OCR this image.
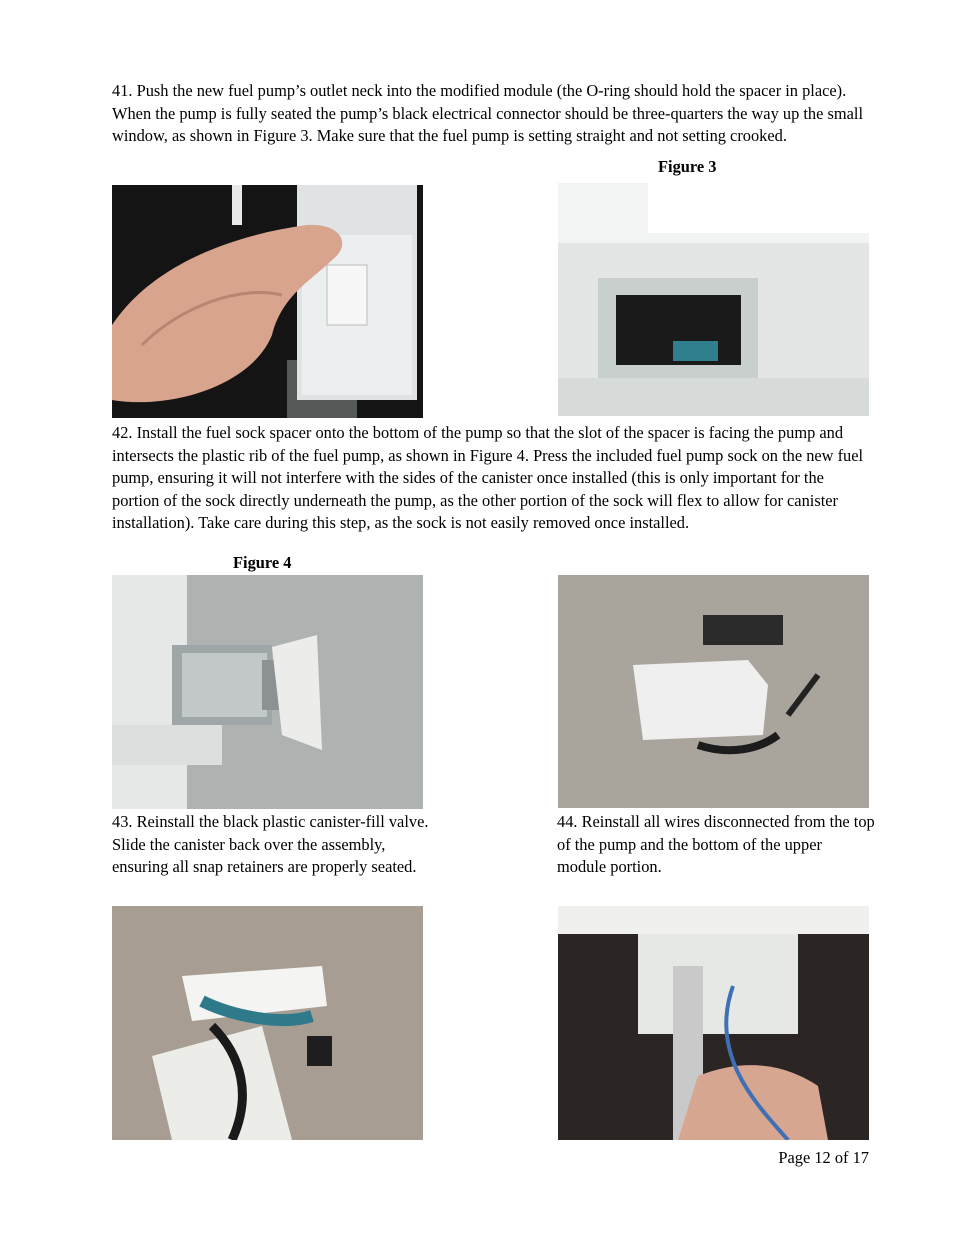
41. Push the new fuel pump’s outlet neck into the modified module (the O-ring should hold the spacer in place). When the pump is fully seated the pump’s black electrical connector should be three-quarters the way up the small window, as shown in Figure 3. Make sure that the fuel pump is setting straight and not setting crooked.

Figure 3

42. Install the fuel sock spacer onto the bottom of the pump so that the slot of the spacer is facing the pump and intersects the plastic rib of the fuel pump, as shown in Figure 4. Press the included fuel pump sock on the new fuel pump, ensuring it will not interfere with the sides of the canister once installed (this is only important for the portion of the sock directly underneath the pump, as the other portion of the sock will flex to allow for canister installation). Take care during this step, as the sock is not easily removed once installed.

Figure 4

43. Reinstall the black plastic canister-fill valve. Slide the canister back over the assembly, ensuring all snap retainers are properly seated.

44. Reinstall all wires disconnected from the top of the pump and the bottom of the upper module portion.

Page 12 of 17
